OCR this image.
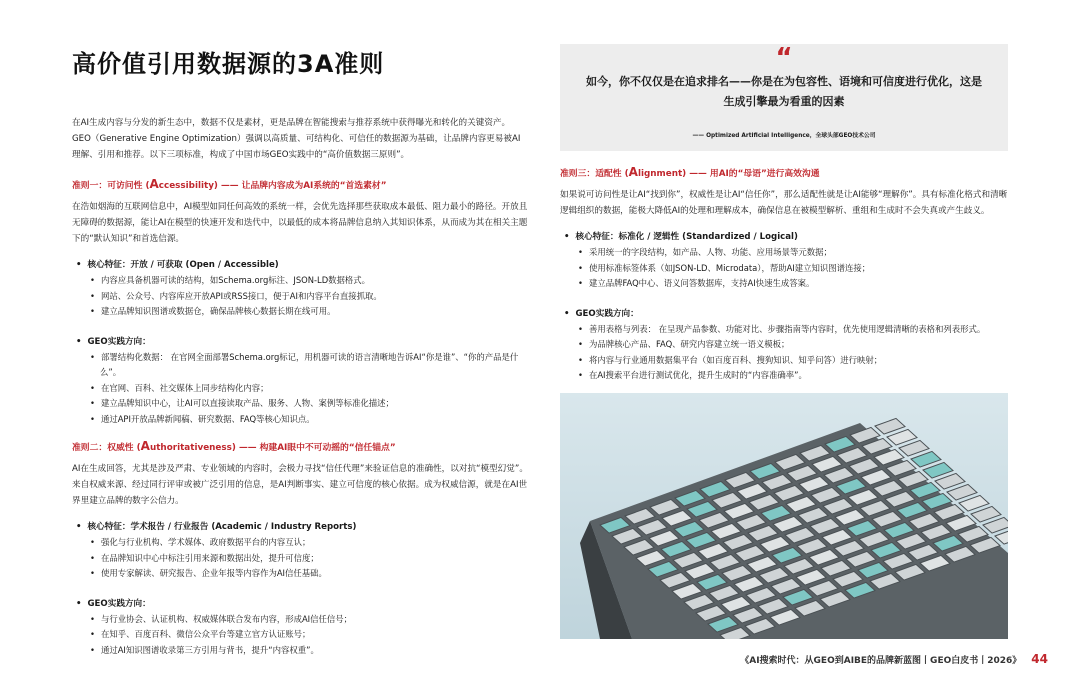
高价值引用数据源的3A准则

在AI生成内容与分发的新生态中，数据不仅是素材，更是品牌在智能搜索与推荐系统中获得曝光和转化的关键资产。GEO（Generative Engine Optimization）强调以高质量、可结构化、可信任的数据源为基础，让品牌内容更易被AI理解、引用和推荐。以下三项标准，构成了中国市场GEO实践中的“高价值数据三原则”。

准则一：可访问性 (Accessibility) —— 让品牌内容成为AI系统的“首选素材”

在浩如烟海的互联网信息中，AI模型如同任何高效的系统一样，会优先选择那些获取成本最低、阻力最小的路径。开放且无障碍的数据源，能让AI在模型的快速开发和迭代中，以最低的成本将品牌信息纳入其知识体系，从而成为其在相关主题下的“默认知识”和首选信源。

• 核心特征：开放 / 可获取 (Open / Accessible)

• 内容应具备机器可读的结构，如Schema.org标注、JSON-LD数据格式。

• 网站、公众号、内容库应开放API或RSS接口，便于AI和内容平台直接抓取。

• 建立品牌知识图谱或数据仓，确保品牌核心数据长期在线可用。

• GEO实践方向：

• 部署结构化数据： 在官网全面部署Schema.org标记，用机器可读的语言清晰地告诉AI“你是谁”、“你的产品是什么”。

• 在官网、百科、社交媒体上同步结构化内容；

• 建立品牌知识中心，让AI可以直接读取产品、服务、人物、案例等标准化描述；

• 通过API开放品牌新闻稿、研究数据、FAQ等核心知识点。

准则二：权威性 (Authoritativeness) —— 构建AI眼中不可动摇的“信任锚点”

AI在生成回答，尤其是涉及严肃、专业领域的内容时，会极力寻找“信任代理”来验证信息的准确性，以对抗“模型幻觉”。来自权威来源、经过同行评审或被广泛引用的信息，是AI判断事实、建立可信度的核心依据。成为权威信源，就是在AI世界里建立品牌的数字公信力。

• 核心特征：学术报告 / 行业报告 (Academic / Industry Reports)

• 强化与行业机构、学术媒体、政府数据平台的内容互认；

• 在品牌知识中心中标注引用来源和数据出处，提升可信度；

• 使用专家解读、研究报告、企业年报等内容作为AI信任基础。

• GEO实践方向：

• 与行业协会、认证机构、权威媒体联合发布内容，形成AI信任信号；

• 在知乎、百度百科、微信公众平台等建立官方认证账号；

• 通过AI知识图谱收录第三方引用与背书，提升“内容权重”。

“
如今，你不仅仅是在追求排名——你是在为包容性、语境和可信度进行优化，这是生成引擎最为看重的因素
—— Optimized Artificial Intelligence，全球头部GEO技术公司

准则三：适配性 (Alignment) —— 用AI的“母语”进行高效沟通

如果说可访问性是让AI“找到你”，权威性是让AI“信任你”，那么适配性就是让AI能够“理解你”。具有标准化格式和清晰逻辑组织的数据，能极大降低AI的处理和理解成本，确保信息在被模型解析、重组和生成时不会失真或产生歧义。

• 核心特征：标准化 / 逻辑性 (Standardized / Logical)

• 采用统一的字段结构，如产品、人物、功能、应用场景等元数据；

• 使用标准标签体系（如JSON-LD、Microdata），帮助AI建立知识图谱连接；

• 建立品牌FAQ中心、语义问答数据库，支持AI快速生成答案。

• GEO实践方向：

• 善用表格与列表： 在呈现产品参数、功能对比、步骤指南等内容时，优先使用逻辑清晰的表格和列表形式。

• 为品牌核心产品、FAQ、研究内容建立统一语义模板；

• 将内容与行业通用数据集平台（如百度百科、搜狗知识、知乎问答）进行映射；

• 在AI搜索平台进行测试优化，提升生成时的“内容准确率”。

《AI搜索时代：从GEO到AIBE的品牌新蓝图丨GEO白皮书丨2026》 44
